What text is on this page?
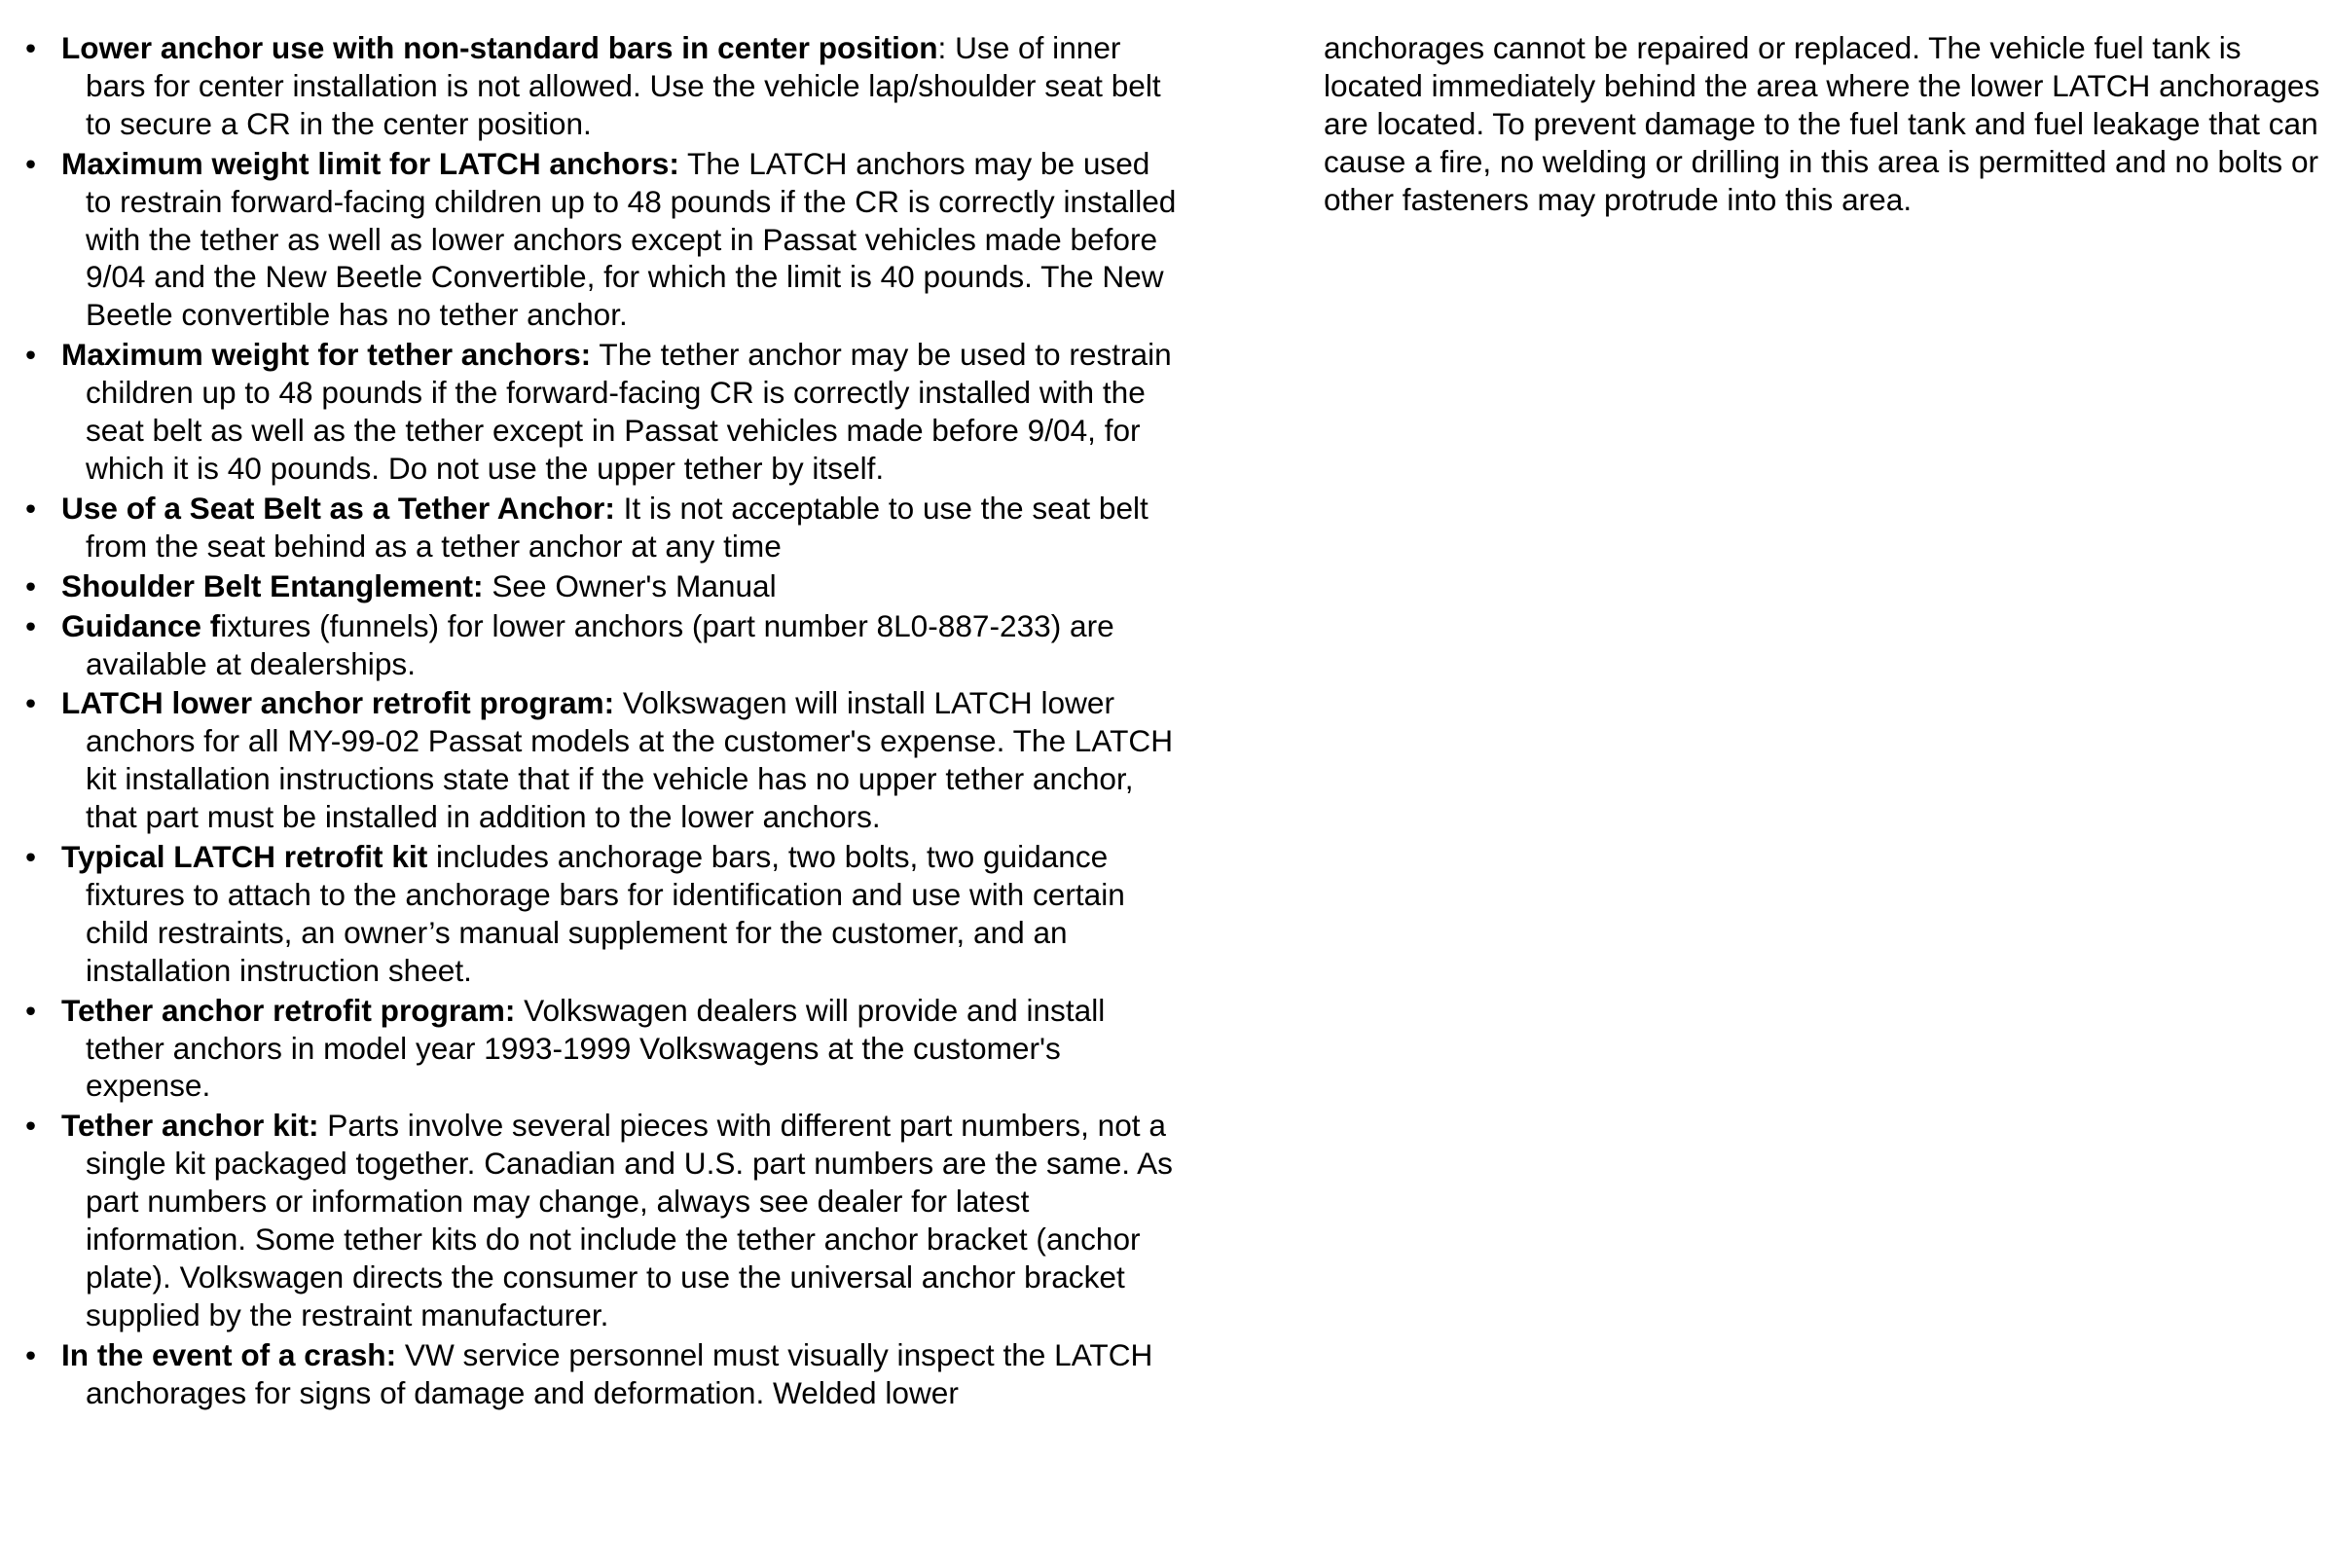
• Lower anchor use with non-standard bars in center position: Use of inner bars for center installation is not allowed. Use the vehicle lap/shoulder seat belt to secure a CR in the center position.
• Maximum weight limit for LATCH anchors: The LATCH anchors may be used to restrain forward-facing children up to 48 pounds if the CR is correctly installed with the tether as well as lower anchors except in Passat vehicles made before 9/04 and the New Beetle Convertible, for which the limit is 40 pounds. The New Beetle convertible has no tether anchor.
• Maximum weight for tether anchors: The tether anchor may be used to restrain children up to 48 pounds if the forward-facing CR is correctly installed with the seat belt as well as the tether except in Passat vehicles made before 9/04, for which it is 40 pounds. Do not use the upper tether by itself.
• Use of a Seat Belt as a Tether Anchor: It is not acceptable to use the seat belt from the seat behind as a tether anchor at any time
• Shoulder Belt Entanglement: See Owner's Manual
• Guidance fixtures (funnels) for lower anchors (part number 8L0-887-233) are available at dealerships.
• LATCH lower anchor retrofit program: Volkswagen will install LATCH lower anchors for all MY-99-02 Passat models at the customer's expense. The LATCH kit installation instructions state that if the vehicle has no upper tether anchor, that part must be installed in addition to the lower anchors.
• Typical LATCH retrofit kit includes anchorage bars, two bolts, two guidance fixtures to attach to the anchorage bars for identification and use with certain child restraints, an owner’s manual supplement for the customer, and an installation instruction sheet.
• Tether anchor retrofit program: Volkswagen dealers will provide and install tether anchors in model year 1993-1999 Volkswagens at the customer's expense.
• Tether anchor kit: Parts involve several pieces with different part numbers, not a single kit packaged together. Canadian and U.S. part numbers are the same. As part numbers or information may change, always see dealer for latest information. Some tether kits do not include the tether anchor bracket (anchor plate). Volkswagen directs the consumer to use the universal anchor bracket supplied by the restraint manufacturer.
• In the event of a crash: VW service personnel must visually inspect the LATCH anchorages for signs of damage and deformation. Welded lower

anchorages cannot be repaired or replaced. The vehicle fuel tank is located immediately behind the area where the lower LATCH anchorages are located. To prevent damage to the fuel tank and fuel leakage that can cause a fire, no welding or drilling in this area is permitted and no bolts or other fasteners may protrude into this area.
